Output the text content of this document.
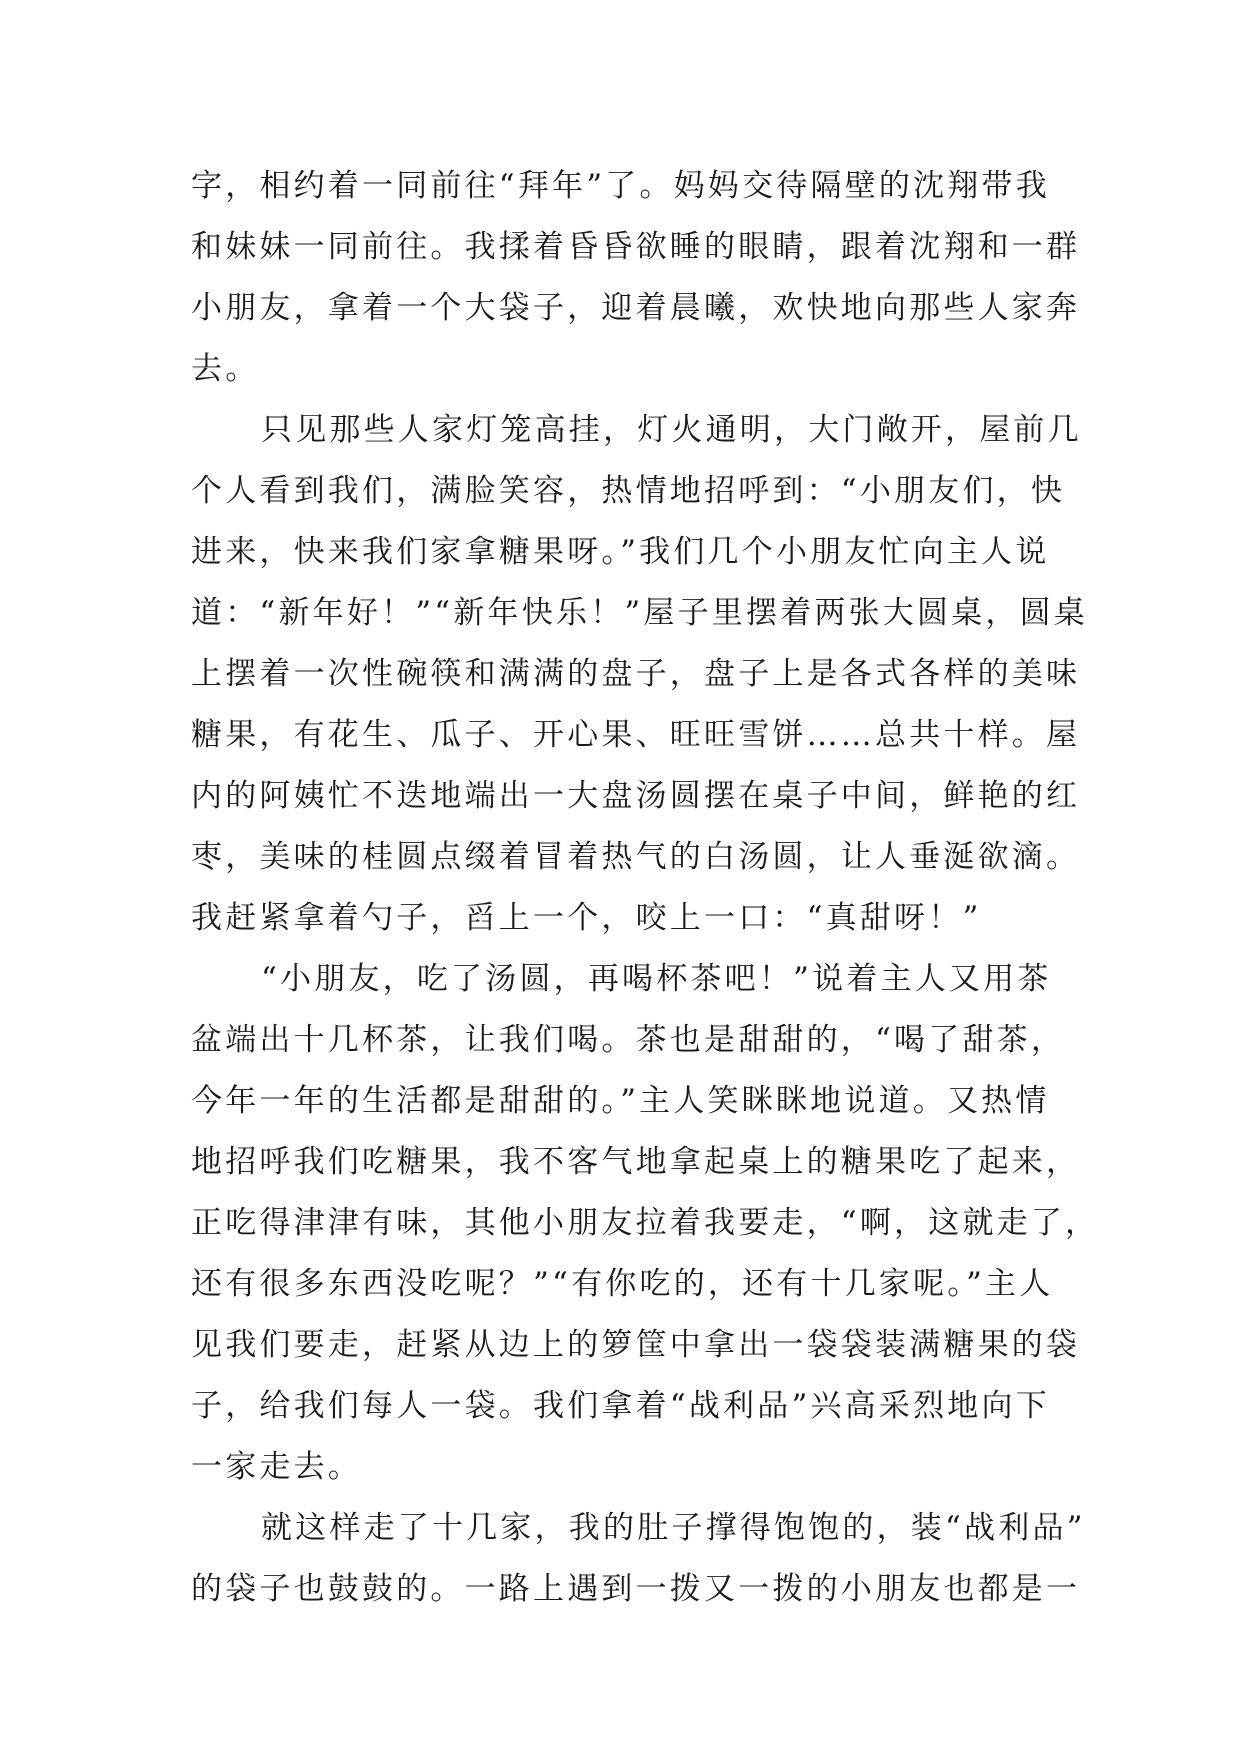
字，相约着一同前往“拜年”了。妈妈交待隔壁的沈翔带我
和妹妹一同前往。我揉着昏昏欲睡的眼睛，跟着沈翔和一群
小朋友，拿着一个大袋子，迎着晨曦，欢快地向那些人家奔
去。
只见那些人家灯笼高挂，灯火通明，大门敞开，屋前几
个人看到我们，满脸笑容，热情地招呼到：“小朋友们，快
进来，快来我们家拿糖果呀。”我们几个小朋友忙向主人说
道：“新年好！”“新年快乐！”屋子里摆着两张大圆桌，圆桌
上摆着一次性碗筷和满满的盘子，盘子上是各式各样的美味
糖果，有花生、瓜子、开心果、旺旺雪饼……总共十样。屋
内的阿姨忙不迭地端出一大盘汤圆摆在桌子中间，鲜艳的红
枣，美味的桂圆点缀着冒着热气的白汤圆，让人垂涎欲滴。
我赶紧拿着勺子，舀上一个，咬上一口：“真甜呀！”
“小朋友，吃了汤圆，再喝杯茶吧！”说着主人又用茶
盆端出十几杯茶，让我们喝。茶也是甜甜的，“喝了甜茶，
今年一年的生活都是甜甜的。”主人笑眯眯地说道。又热情
地招呼我们吃糖果，我不客气地拿起桌上的糖果吃了起来，
正吃得津津有味，其他小朋友拉着我要走，“啊，这就走了，
还有很多东西没吃呢？”“有你吃的，还有十几家呢。”主人
见我们要走，赶紧从边上的箩筐中拿出一袋袋装满糖果的袋
子，给我们每人一袋。我们拿着“战利品”兴高采烈地向下
一家走去。
就这样走了十几家，我的肚子撑得饱饱的，装“战利品”
的袋子也鼓鼓的。一路上遇到一拨又一拨的小朋友也都是一
